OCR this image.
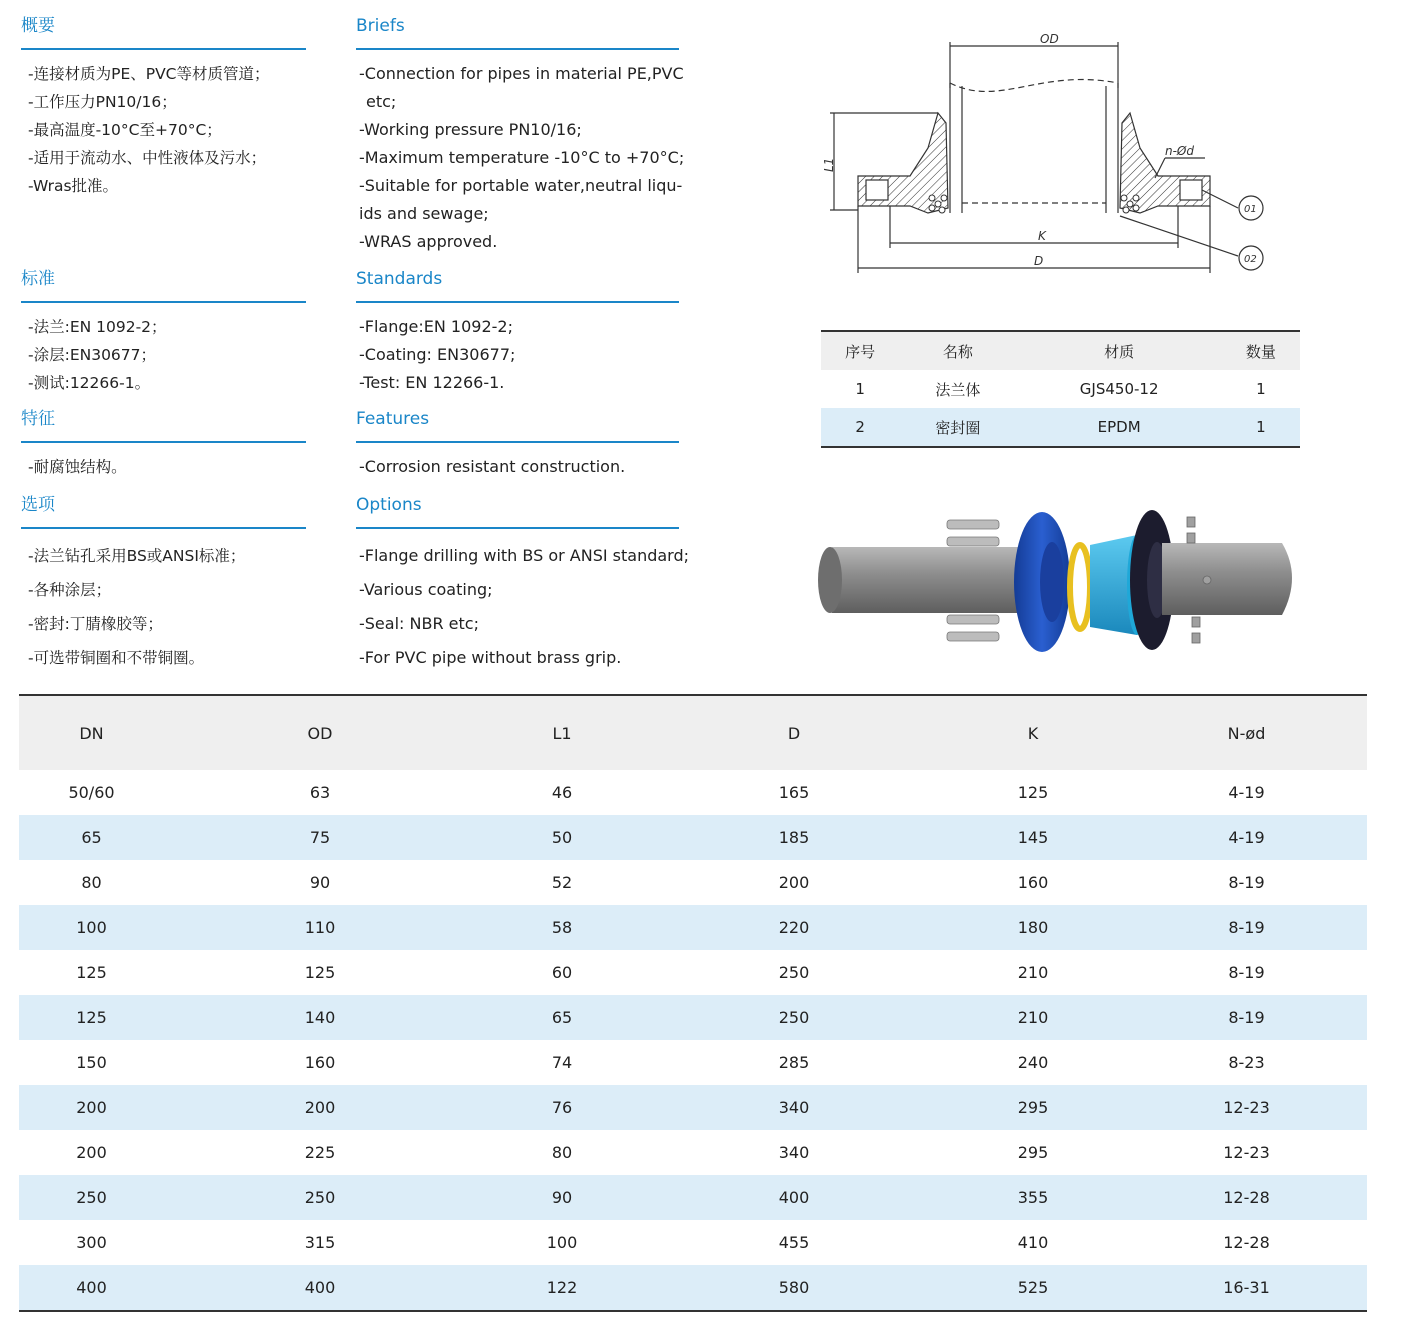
概要
-连接材质为PE、PVC等材质管道；
-工作压力PN10/16；
-最高温度-10°C至+70°C；
-适用于流动水、中性液体及污水；
-Wras批准。
标准
-法兰:EN 1092-2；
-涂层:EN30677；
-测试:12266-1。
特征
-耐腐蚀结构。
选项
-法兰钻孔采用BS或ANSI标准；
-各种涂层；
-密封:丁腈橡胶等；
-可选带铜圈和不带铜圈。
Briefs
-Connection for pipes in material PE,PVC
etc;
-Working pressure PN10/16;
-Maximum temperature -10°C to +70°C;
-Suitable for portable water,neutral liqu-
ids and sewage;
-WRAS approved.
Standards
-Flange:EN 1092-2;
-Coating: EN30677;
-Test: EN 12266-1.
Features
-Corrosion resistant construction.
Options
-Flange drilling with BS or ANSI standard;
-Various coating;
-Seal: NBR etc;
-For PVC pipe without brass grip.
OD
L1
K
D
n-Ød
01
02
序号	名称	材质	数量
1	法兰体	GJS450-12	1
2	密封圈	EPDM	1
DN	OD	L1	D	K	N-ød
50/60	63	46	165	125	4-19
65	75	50	185	145	4-19
80	90	52	200	160	8-19
100	110	58	220	180	8-19
125	125	60	250	210	8-19
125	140	65	250	210	8-19
150	160	74	285	240	8-23
200	200	76	340	295	12-23
200	225	80	340	295	12-23
250	250	90	400	355	12-28
300	315	100	455	410	12-28
400	400	122	580	525	16-31
